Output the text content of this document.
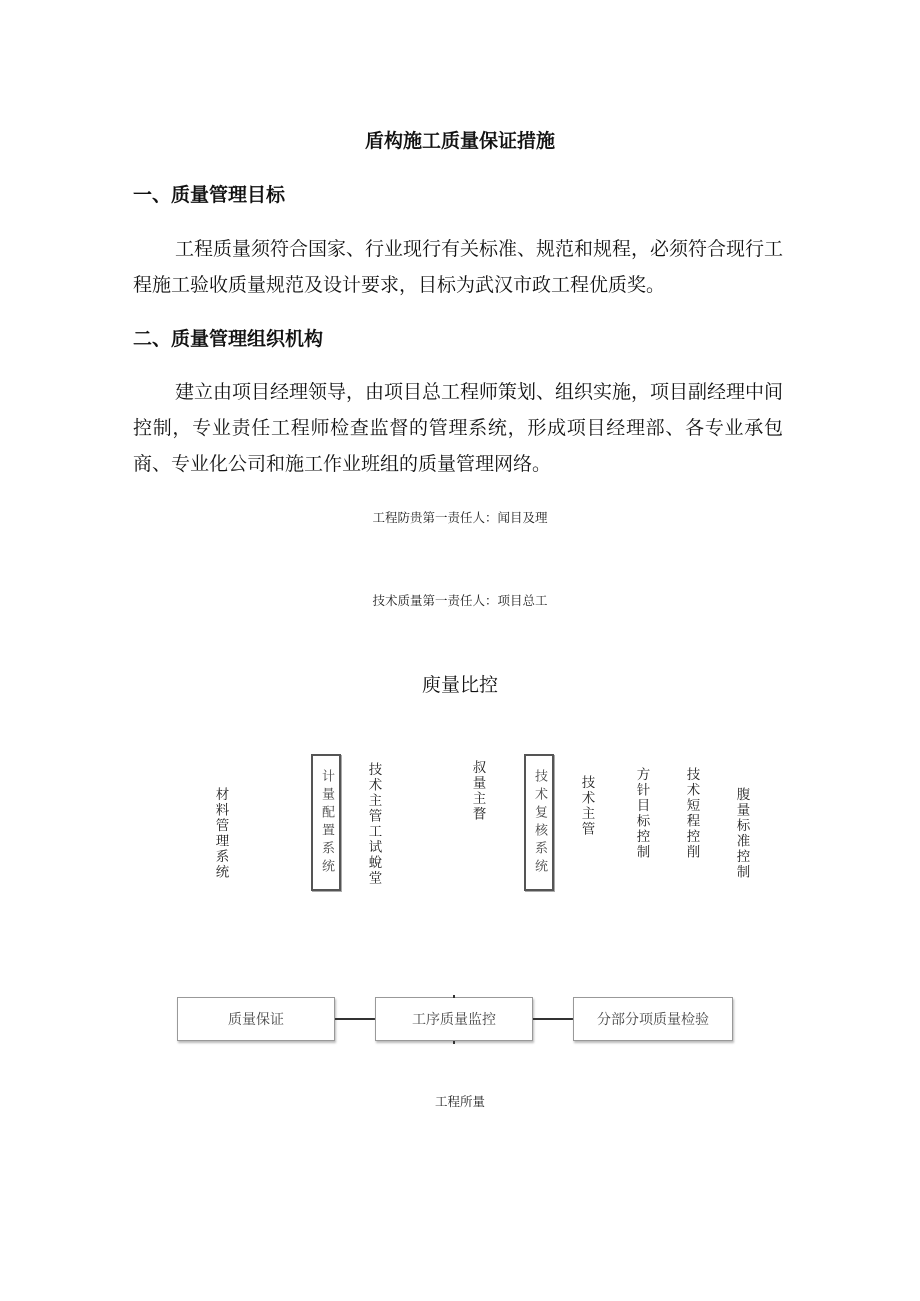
盾构施工质量保证措施
一、质量管理目标
工程质量须符合国家、行业现行有关标准、规范和规程，必须符合现行工程施工验收质量规范及设计要求，目标为武汉市政工程优质奖。
二、质量管理组织机构
建立由项目经理领导，由项目总工程师策划、组织实施，项目副经理中间控制，专业责任工程师检查监督的管理系统，形成项目经理部、各专业承包商、专业化公司和施工作业班组的质量管理网络。
工程防贵第一责任人：闻目及理
技术质量第一责任人：项目总工
庾量比控
材料管理系统	计量配置系统	技术主管工试蛻堂	叔量主瞀	技术复核系统	技术主管	方针目标控制	技术短程控削	腹量标准控制
质量保证	工序质量监控	分部分项质量检验
工程所量
